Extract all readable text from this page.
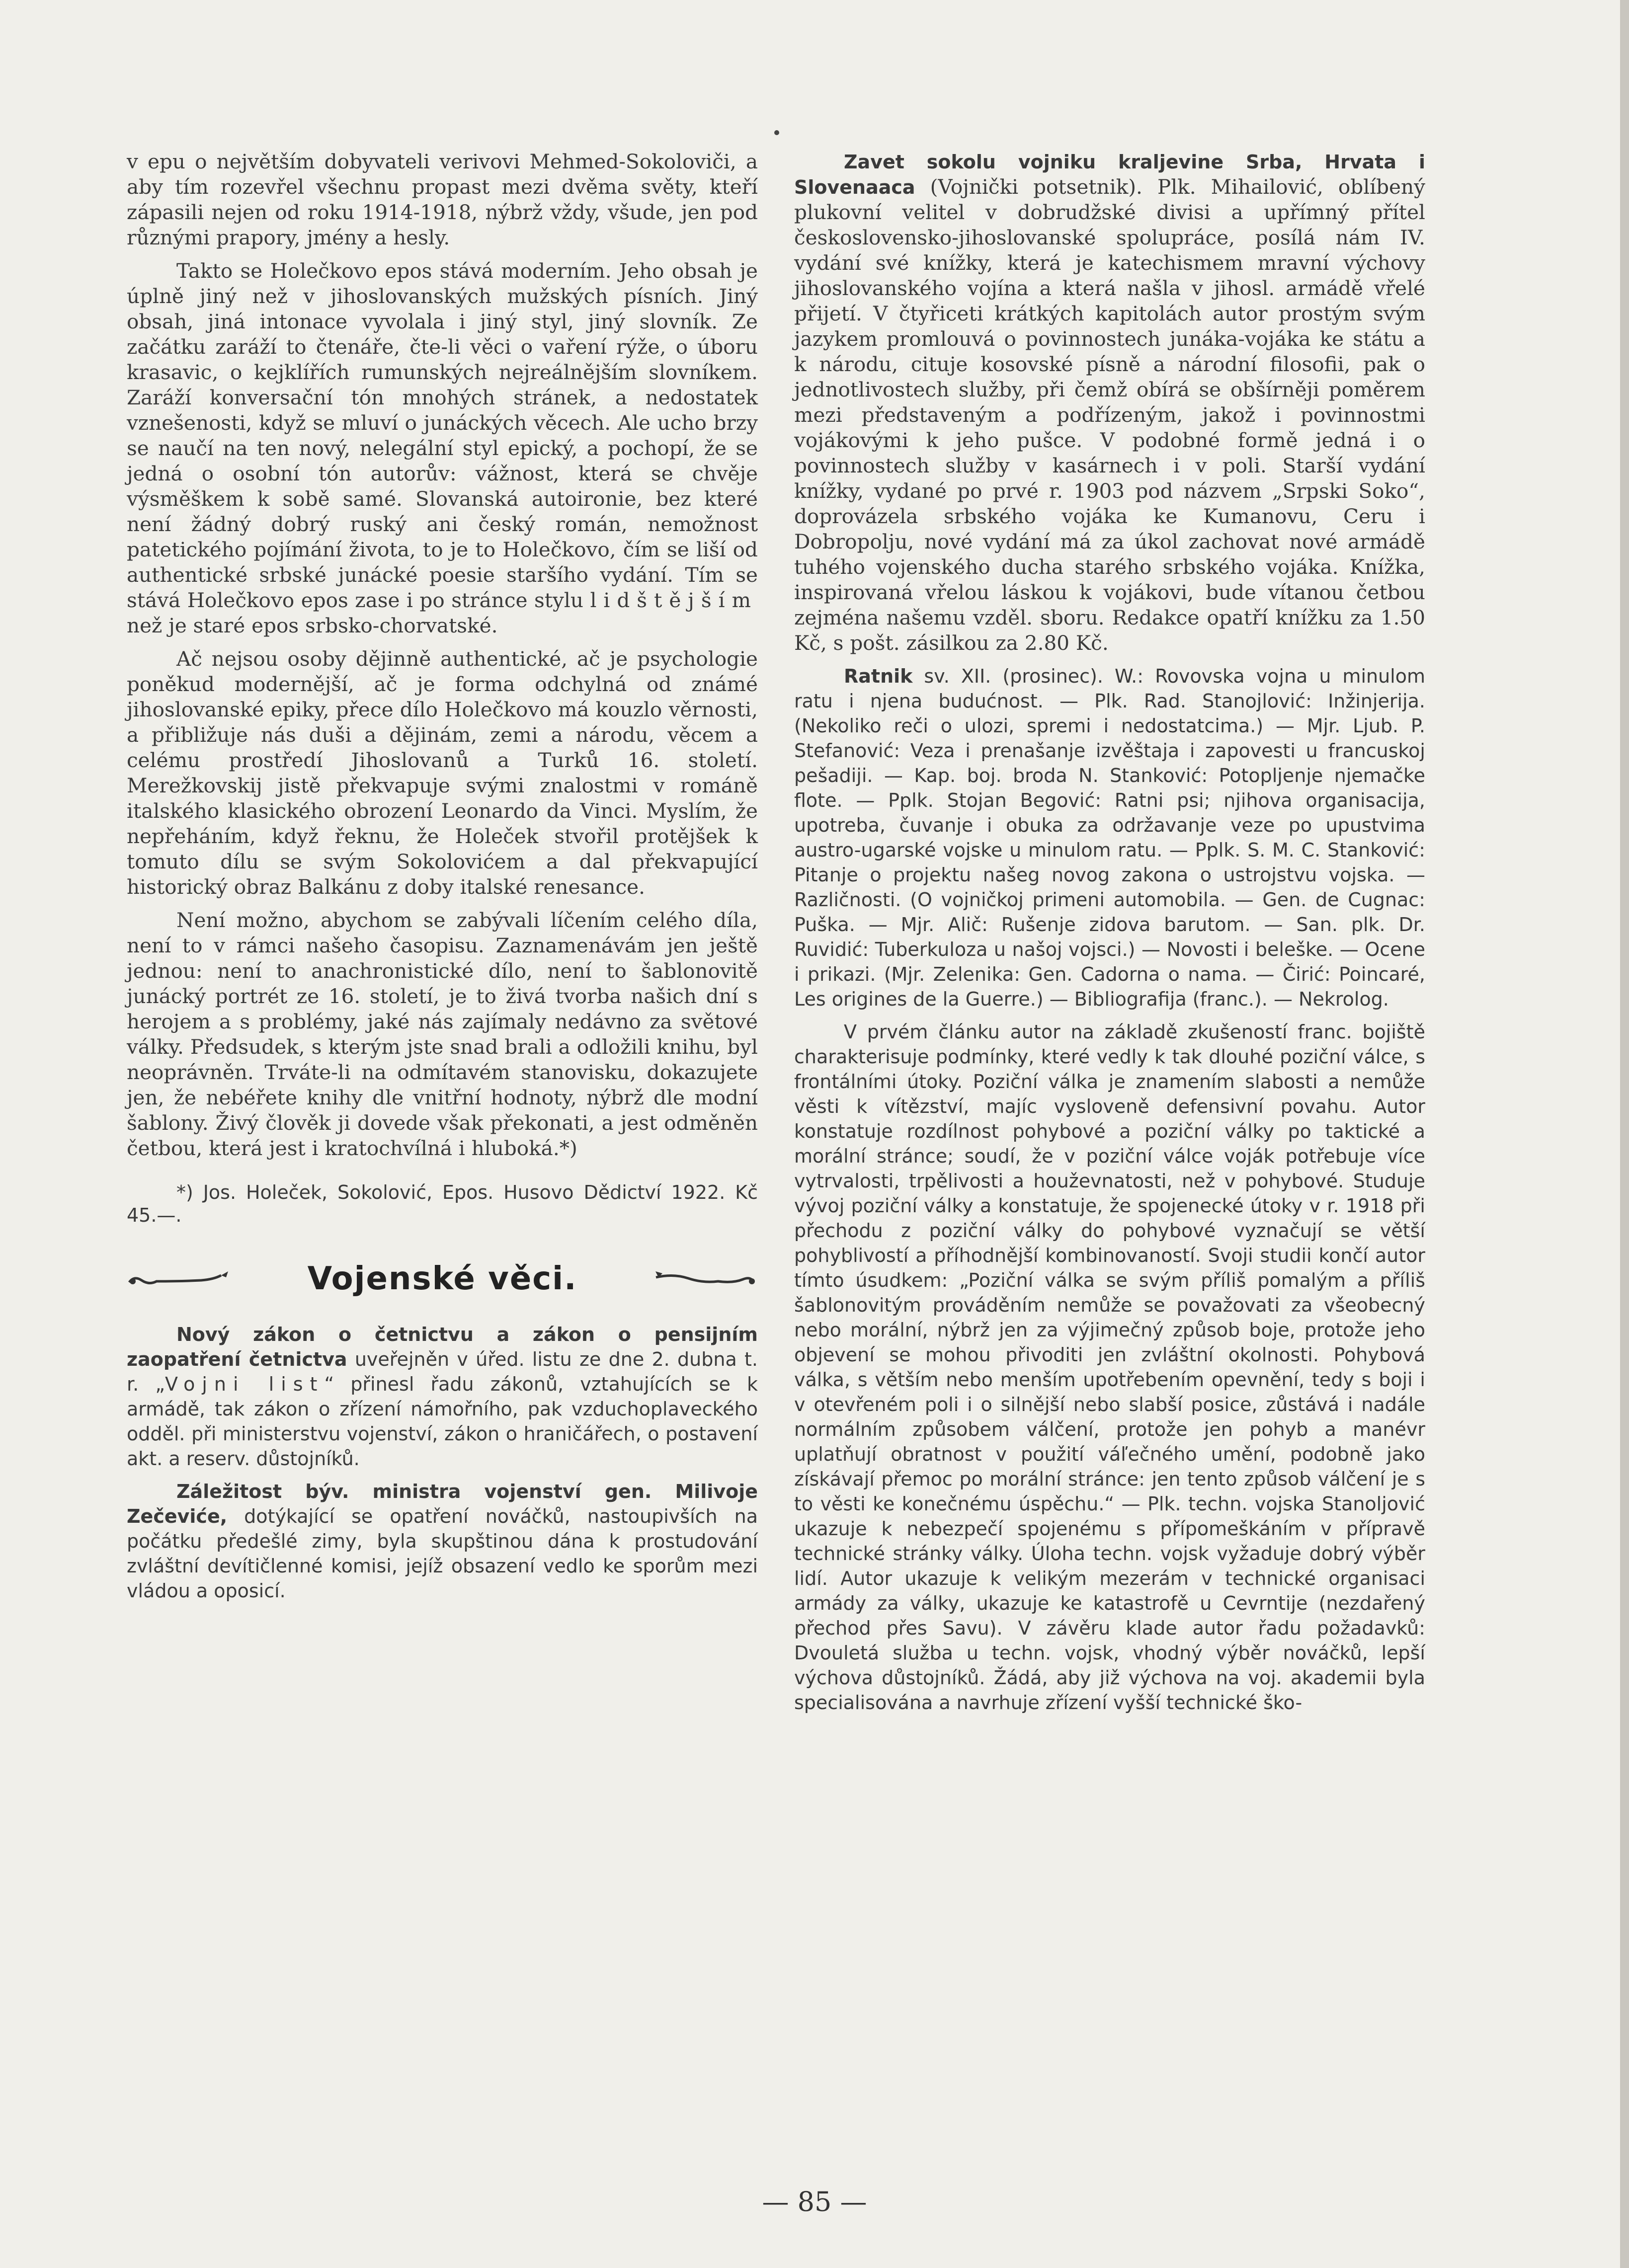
v epu o největším dobyvateli verivovi Mehmed-Sokoloviči, a aby tím rozevřel všechnu propast mezi dvěma světy, kteří zápasili nejen od roku 1914-1918, nýbrž vždy, všude, jen pod různými prapory, jmény a hesly.

Takto se Holečkovo epos stává moderním. Jeho obsah je úplně jiný než v jihoslovanských mužských písních. Jiný obsah, jiná intonace vyvolala i jiný styl, jiný slovník. Ze začátku zaráží to čtenáře, čte-li věci o vaření rýže, o úboru krasavic, o kejklířích rumunských nejreálnějším slovníkem. Zaráží konversační tón mnohých stránek, a nedostatek vznešenosti, když se mluví o junáckých věcech. Ale ucho brzy se naučí na ten nový, nelegální styl epický, a pochopí, že se jedná o osobní tón autorův: vážnost, která se chvěje výsměškem k sobě samé. Slovanská autoironie, bez které není žádný dobrý ruský ani český román, nemožnost patetického pojímání života, to je to Holečkovo, čím se liší od authentické srbské junácké poesie staršího vydání. Tím se stává Holečkovo epos zase i po stránce stylu lidštějším než je staré epos srbsko-chorvatské.

Ač nejsou osoby dějinně authentické, ač je psychologie poněkud modernější, ač je forma odchylná od známé jihoslovanské epiky, přece dílo Holečkovo má kouzlo věrnosti, a přibližuje nás duši a dějinám, zemi a národu, věcem a celému prostředí Jihoslovanů a Turků 16. století. Merežkovskij jistě překvapuje svými znalostmi v románě italského klasického obrození Leonardo da Vinci. Myslím, že nepřeháním, když řeknu, že Holeček stvořil protějšek k tomuto dílu se svým Sokolovićem a dal překvapující historický obraz Balkánu z doby italské renesance.

Není možno, abychom se zabývali líčením celého díla, není to v rámci našeho časopisu. Zaznamenávám jen ještě jednou: není to anachronistické dílo, není to šablonovitě junácký portrét ze 16. století, je to živá tvorba našich dní s herojem a s problémy, jaké nás zajímaly nedávno za světové války. Předsudek, s kterým jste snad brali a odložili knihu, byl neoprávněn. Trváte-li na odmítavém stanovisku, dokazujete jen, že nebéřete knihy dle vnitřní hodnoty, nýbrž dle modní šablony. Živý člověk ji dovede však překonati, a jest odměněn četbou, která jest i kratochvílná i hluboká.*)

*) Jos. Holeček, Sokolović, Epos. Husovo Dědictví 1922. Kč 45.—.

Vojenské věci.

Nový zákon o četnictvu a zákon o pensijním zaopatření četnictva uveřejněn v úřed. listu ze dne 2. dubna t. r. „Vojni list“ přinesl řadu zákonů, vztahujících se k armádě, tak zákon o zřízení námořního, pak vzduchoplaveckého odděl. při ministerstvu vojenství, zákon o hraničářech, o postavení akt. a reserv. důstojníků.

Záležitost býv. ministra vojenství gen. Milivoje Zečeviće, dotýkající se opatření nováčků, nastoupivších na počátku předešlé zimy, byla skupštinou dána k prostudování zvláštní devítičlenné komisi, jejíž obsazení vedlo ke sporům mezi vládou a oposicí.

Zavet sokolu vojniku kraljevine Srba, Hrvata i Slovenaaca (Vojnički potsetnik). Plk. Mihailović, oblíbený plukovní velitel v dobrudžské divisi a upřímný přítel československo-jihoslovanské spolupráce, posílá nám IV. vydání své knížky, která je katechismem mravní výchovy jihoslovanského vojína a která našla v jihosl. armádě vřelé přijetí. V čtyřiceti krátkých kapitolách autor prostým svým jazykem promlouvá o povinnostech junáka-vojáka ke státu a k národu, cituje kosovské písně a národní filosofii, pak o jednotlivostech služby, při čemž obírá se obšírněji poměrem mezi představeným a podřízeným, jakož i povinnostmi vojákovými k jeho pušce. V podobné formě jedná i o povinnostech služby v kasárnech i v poli. Starší vydání knížky, vydané po prvé r. 1903 pod názvem „Srpski Soko“, doprovázela srbského vojáka ke Kumanovu, Ceru i Dobropolju, nové vydání má za úkol zachovat nové armádě tuhého vojenského ducha starého srbského vojáka. Knížka, inspirovaná vřelou láskou k vojákovi, bude vítanou četbou zejména našemu vzděl. sboru. Redakce opatří knížku za 1.50 Kč, s pošt. zásilkou za 2.80 Kč.

Ratnik sv. XII. (prosinec). W.: Rovovska vojna u minulom ratu i njena budućnost. — Plk. Rad. Stanojlović: Inžinjerija. (Nekoliko reči o ulozi, spremi i nedostatcima.) — Mjr. Ljub. P. Stefanović: Veza i prenašanje izvěštaja i zapovesti u francuskoj pešadiji. — Kap. boj. broda N. Stanković: Potopljenje njemačke flote. — Pplk. Stojan Begović: Ratni psi; njihova organisacija, upotreba, čuvanje i obuka za održavanje veze po upustvima austro-ugarské vojske u minulom ratu. — Pplk. S. M. C. Stanković: Pitanje o projektu našeg novog zakona o ustrojstvu vojska. — Različnosti. (O vojničkoj primeni automobila. — Gen. de Cugnac: Puška. — Mjr. Alič: Rušenje zidova barutom. — San. plk. Dr. Ruvidić: Tuberkuloza u našoj vojsci.) — Novosti i beleške. — Ocene i prikazi. (Mjr. Zelenika: Gen. Cadorna o nama. — Čirić: Poincaré, Les origines de la Guerre.) — Bibliografija (franc.). — Nekrolog.

V prvém článku autor na základě zkušeností franc. bojiště charakterisuje podmínky, které vedly k tak dlouhé poziční válce, s frontálními útoky. Poziční válka je znamením slabosti a nemůže věsti k vítězství, majíc vysloveně defensivní povahu. Autor konstatuje rozdílnost pohybové a poziční války po taktické a morální stránce; soudí, že v poziční válce voják potřebuje více vytrvalosti, trpělivosti a houževnatosti, než v pohybové. Studuje vývoj poziční války a konstatuje, že spojenecké útoky v r. 1918 při přechodu z poziční války do pohybové vyznačují se větší pohyblivostí a příhodnější kombinovaností. Svoji studii končí autor tímto úsudkem: „Poziční válka se svým příliš pomalým a příliš šablonovitým prováděním nemůže se považovati za všeobecný nebo morální, nýbrž jen za výjimečný způsob boje, protože jeho objevení se mohou přivoditi jen zvláštní okolnosti. Pohybová válka, s větším nebo menším upotřebením opevnění, tedy s boji i v otevřeném poli i o silnější nebo slabší posice, zůstává i nadále normálním způsobem válčení, protože jen pohyb a manévr uplatňují obratnost v použití váľečného umění, podobně jako získávají přemoc po morální stránce: jen tento způsob válčení je s to věsti ke konečnému úspěchu.“ — Plk. techn. vojska Stanoljović ukazuje k nebezpečí spojenému s přípomeškáním v přípravě technické stránky války. Úloha techn. vojsk vyžaduje dobrý výběr lidí. Autor ukazuje k velikým mezerám v technické organisaci armády za války, ukazuje ke katastrofě u Cevrntije (nezdařený přechod přes Savu). V závěru klade autor řadu požadavků: Dvouletá služba u techn. vojsk, vhodný výběr nováčků, lepší výchova důstojníků. Žádá, aby již výchova na voj. akademii byla specialisována a navrhuje zřízení vyšší technické ško-

— 85 —
